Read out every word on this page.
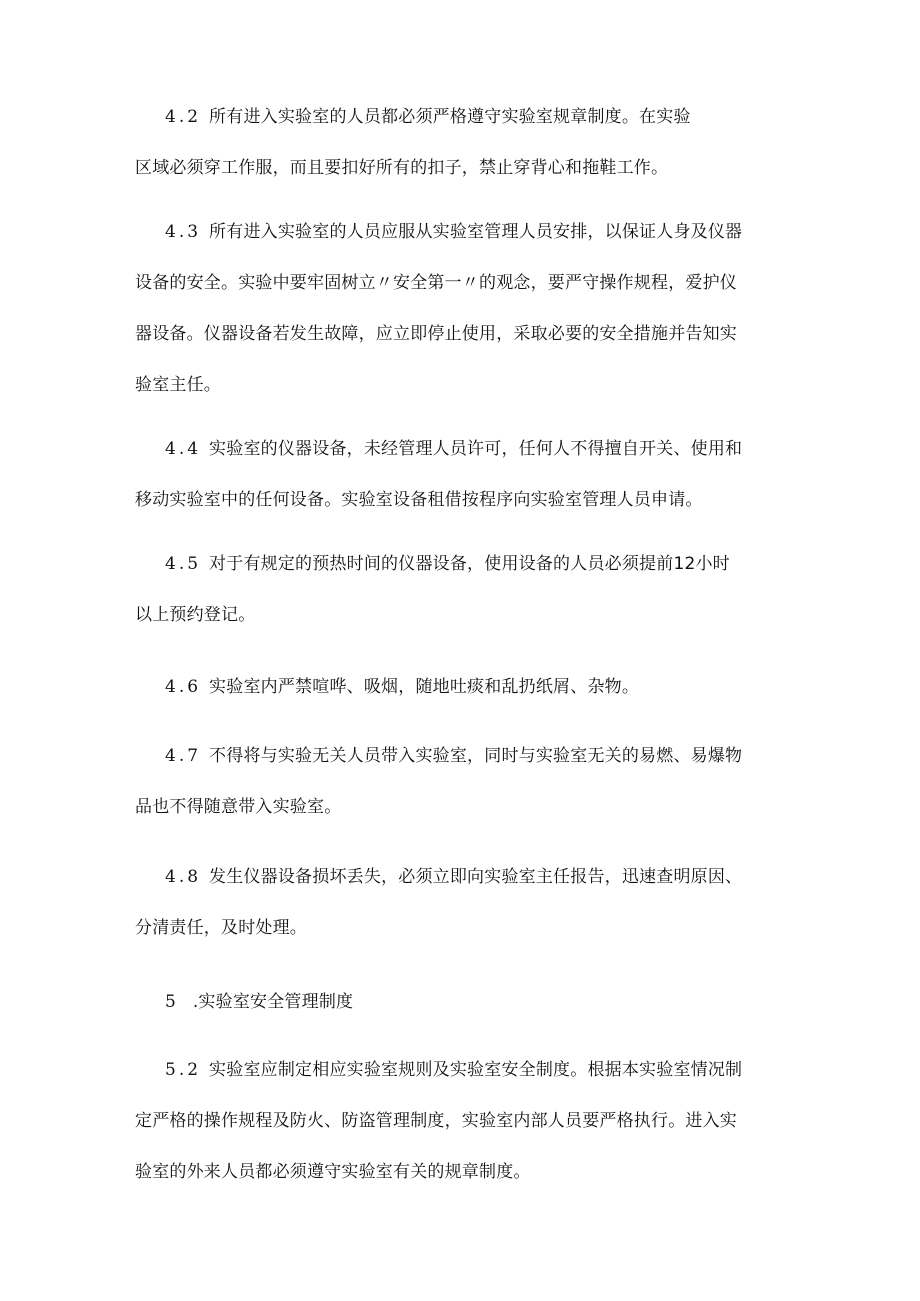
4.2 所有进入实验室的人员都必须严格遵守实验室规章制度。在实验
区域必须穿工作服，而且要扣好所有的扣子，禁止穿背心和拖鞋工作。

4.3 所有进入实验室的人员应服从实验室管理人员安排，以保证人身及仪器
设备的安全。实验中要牢固树立〃安全第一〃的观念，要严守操作规程，爱护仪
器设备。仪器设备若发生故障，应立即停止使用，采取必要的安全措施并告知实
验室主任。

4.4 实验室的仪器设备，未经管理人员许可，任何人不得擅自开关、使用和
移动实验室中的任何设备。实验室设备租借按程序向实验室管理人员申请。

4.5 对于有规定的预热时间的仪器设备，使用设备的人员必须提前12小时
以上预约登记。

4.6 实验室内严禁喧哗、吸烟，随地吐痰和乱扔纸屑、杂物。

4.7 不得将与实验无关人员带入实验室，同时与实验室无关的易燃、易爆物
品也不得随意带入实验室。

4.8 发生仪器设备损坏丢失，必须立即向实验室主任报告，迅速查明原因、
分清责任，及时处理。

5 .实验室安全管理制度

5.2 实验室应制定相应实验室规则及实验室安全制度。根据本实验室情况制
定严格的操作规程及防火、防盗管理制度，实验室内部人员要严格执行。进入实
验室的外来人员都必须遵守实验室有关的规章制度。
